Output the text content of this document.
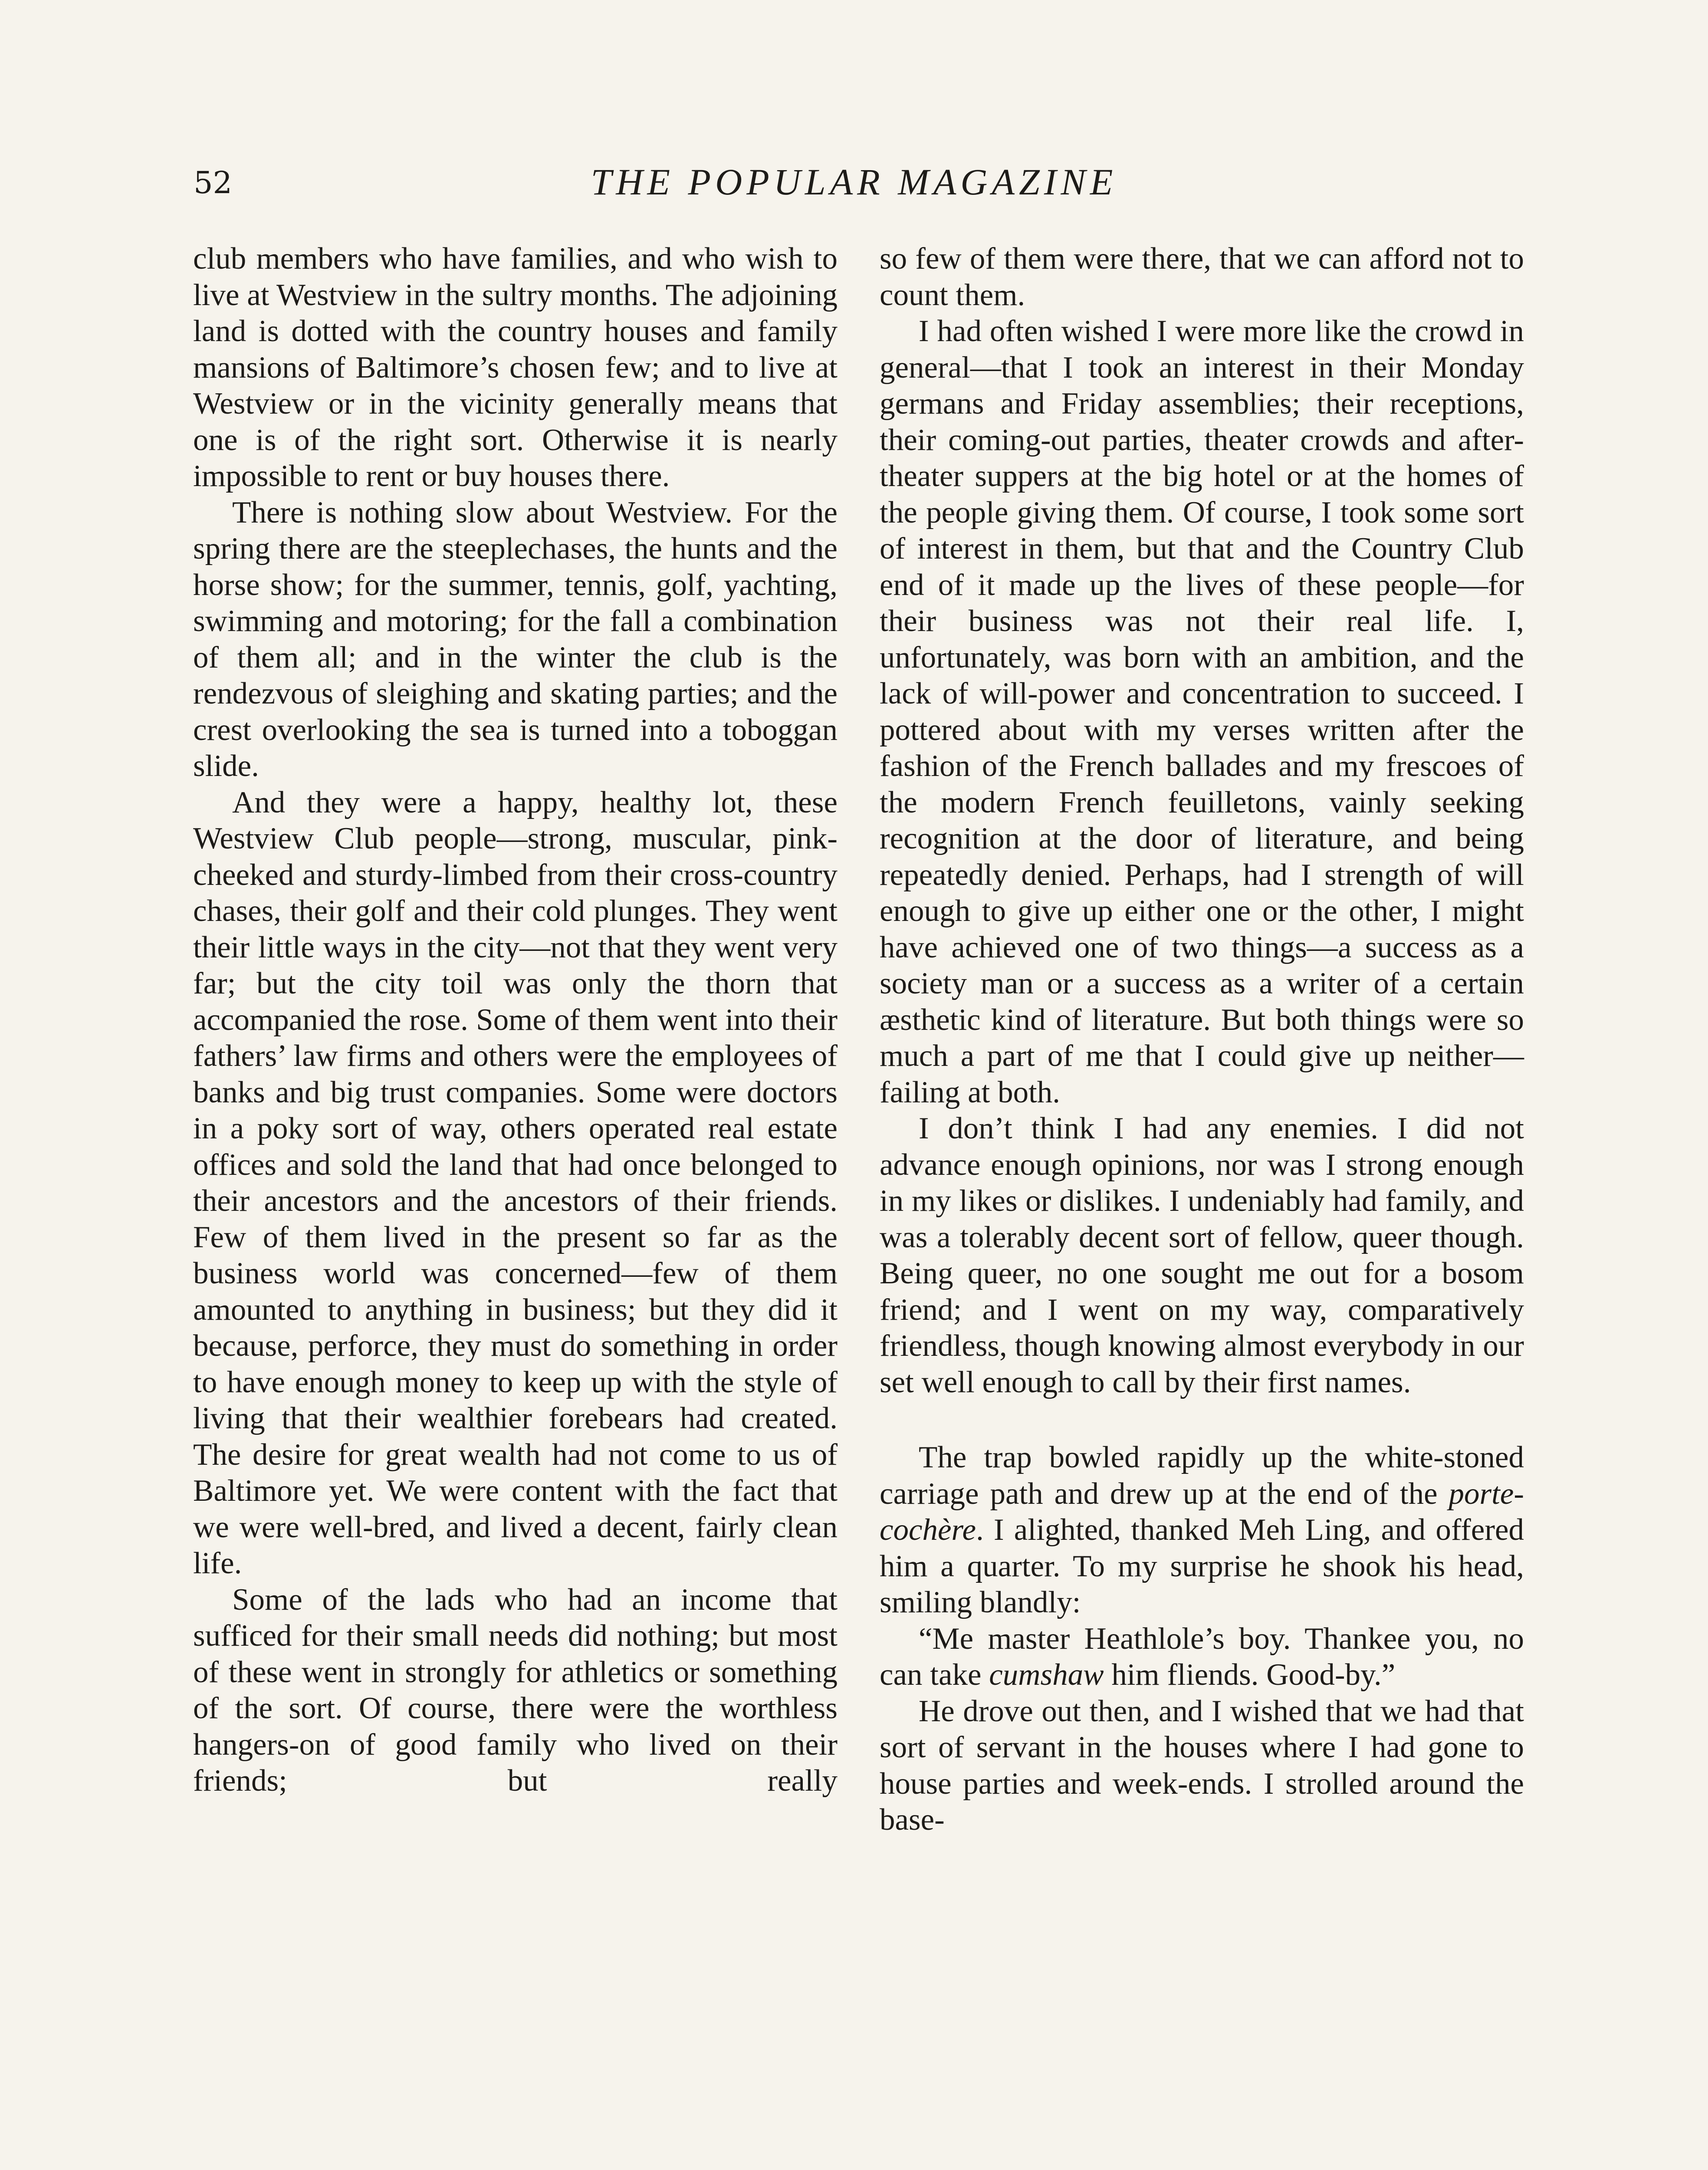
52	THE POPULAR MAGAZINE

club members who have families, and who wish to live at Westview in the sultry months. The adjoining land is dotted with the country houses and family mansions of Baltimore’s chosen few; and to live at Westview or in the vicinity generally means that one is of the right sort. Otherwise it is nearly impossible to rent or buy houses there.

There is nothing slow about Westview. For the spring there are the steeplechases, the hunts and the horse show; for the summer, tennis, golf, yachting, swimming and motoring; for the fall a combination of them all; and in the winter the club is the rendezvous of sleighing and skating parties; and the crest overlooking the sea is turned into a toboggan slide.

And they were a happy, healthy lot, these Westview Club people—strong, muscular, pink-cheeked and sturdy-limbed from their cross-country chases, their golf and their cold plunges. They went their little ways in the city—not that they went very far; but the city toil was only the thorn that accompanied the rose. Some of them went into their fathers’ law firms and others were the employees of banks and big trust companies. Some were doctors in a poky sort of way, others operated real estate offices and sold the land that had once belonged to their ancestors and the ancestors of their friends. Few of them lived in the present so far as the business world was concerned—few of them amounted to anything in business; but they did it because, perforce, they must do something in order to have enough money to keep up with the style of living that their wealthier forebears had created. The desire for great wealth had not come to us of Baltimore yet. We were content with the fact that we were well-bred, and lived a decent, fairly clean life.

Some of the lads who had an income that sufficed for their small needs did nothing; but most of these went in strongly for athletics or something of the sort. Of course, there were the worthless hangers-on of good family who lived on their friends; but really

so few of them were there, that we can afford not to count them.

I had often wished I were more like the crowd in general—that I took an interest in their Monday germans and Friday assemblies; their receptions, their coming-out parties, theater crowds and after-theater suppers at the big hotel or at the homes of the people giving them. Of course, I took some sort of interest in them, but that and the Country Club end of it made up the lives of these people—for their business was not their real life. I, unfortunately, was born with an ambition, and the lack of will-power and concentration to succeed. I pottered about with my verses written after the fashion of the French ballades and my frescoes of the modern French feuilletons, vainly seeking recognition at the door of literature, and being repeatedly denied. Perhaps, had I strength of will enough to give up either one or the other, I might have achieved one of two things—a success as a society man or a success as a writer of a certain æsthetic kind of literature. But both things were so much a part of me that I could give up neither—failing at both.

I don’t think I had any enemies. I did not advance enough opinions, nor was I strong enough in my likes or dislikes. I undeniably had family, and was a tolerably decent sort of fellow, queer though. Being queer, no one sought me out for a bosom friend; and I went on my way, comparatively friendless, though knowing almost everybody in our set well enough to call by their first names.

The trap bowled rapidly up the white-stoned carriage path and drew up at the end of the porte-cochère. I alighted, thanked Meh Ling, and offered him a quarter. To my surprise he shook his head, smiling blandly:

“Me master Heathlole’s boy. Thankee you, no can take cumshaw him fliends. Good-by.”

He drove out then, and I wished that we had that sort of servant in the houses where I had gone to house parties and week-ends. I strolled around the base-
